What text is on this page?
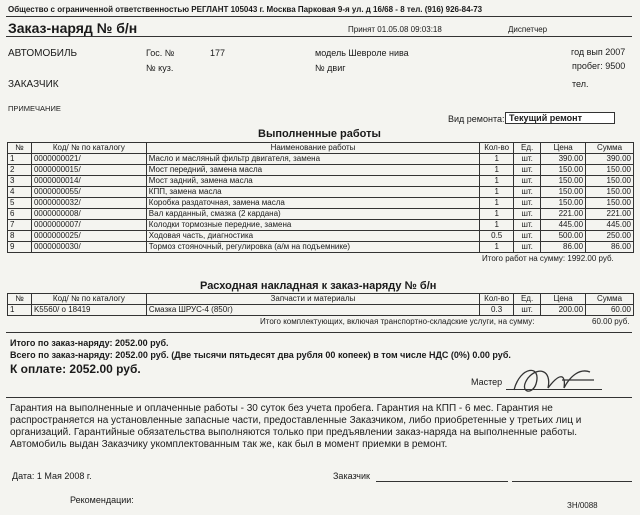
Общество с ограниченной ответственностью РЕГЛАНТ 105043 г. Москва Парковая 9-я ул. д 16/68 - 8 тел. (916) 926-84-73
Заказ-наряд № б/н	Принят 01.05.08 09:03:18	Диспетчер
АВТОМОБИЛЬ	Гос. №	177
№ куз.
модель Шевроле нива
№ двиг
год вып 2007
пробег: 9500
ЗАКАЗЧИК	тел.
ПРИМЕЧАНИЕ
Вид ремонта: Текущий ремонт
Выполненные работы
№	Код/ № по каталогу	Наименование работы	Кол-во	Ед.	Цена	Сумма
1	0000000021/	Масло и масляный фильтр двигателя, замена	1	шт.	390.00	390.00
2	0000000015/	Мост передний, замена масла	1	шт.	150.00	150.00
3	0000000014/	Мост задний, замена масла	1	шт.	150.00	150.00
4	0000000055/	КПП, замена масла	1	шт.	150.00	150.00
5	0000000032/	Коробка раздаточная, замена масла	1	шт.	150.00	150.00
6	0000000008/	Вал карданный, смазка (2 кардана)	1	шт.	221.00	221.00
7	0000000007/	Колодки тормозные передние, замена	1	шт.	445.00	445.00
8	0000000025/	Ходовая часть, диагностика	0.5	шт.	500.00	250.00
9	0000000030/	Тормоз стояночный, регулировка (а/м на подъемнике)	1	шт.	86.00	86.00
Итого работ на сумму: 1992.00 руб.
Расходная накладная к заказ-наряду № б/н
№	Код/ № по каталогу	Запчасти и материалы	Кол-во	Ед.	Цена	Сумма
1	K5560/ о 18419	Смазка ШРУС-4 (850г)	0.3	шт.	200.00	60.00
Итого комплектующих, включая транспортно-складские услуги, на сумму:	60.00 руб.
Итого по заказ-наряду: 2052.00 руб.
Всего по заказ-наряду: 2052.00 руб. (Две тысячи пятьдесят два рубля 00 копеек) в том числе НДС (0%) 0.00 руб.
К оплате: 2052.00 руб.
Мастер
Гарантия на выполненные и оплаченные работы - 30 суток без учета пробега. Гарантия на КПП - 6 мес. Гарантия не
распространяется на установленные запасные части, предоставленные Заказчиком, либо приобретенные у третьих лиц и
организаций. Гарантийные обязательства выполняются только при предъявлении заказ-наряда на выполненные работы.
Автомобиль выдан Заказчику укомплектованным так же, как был в момент приемки в ремонт.
Дата: 1 Мая 2008 г.	Заказчик
Рекомендации:
ЗН/0088
